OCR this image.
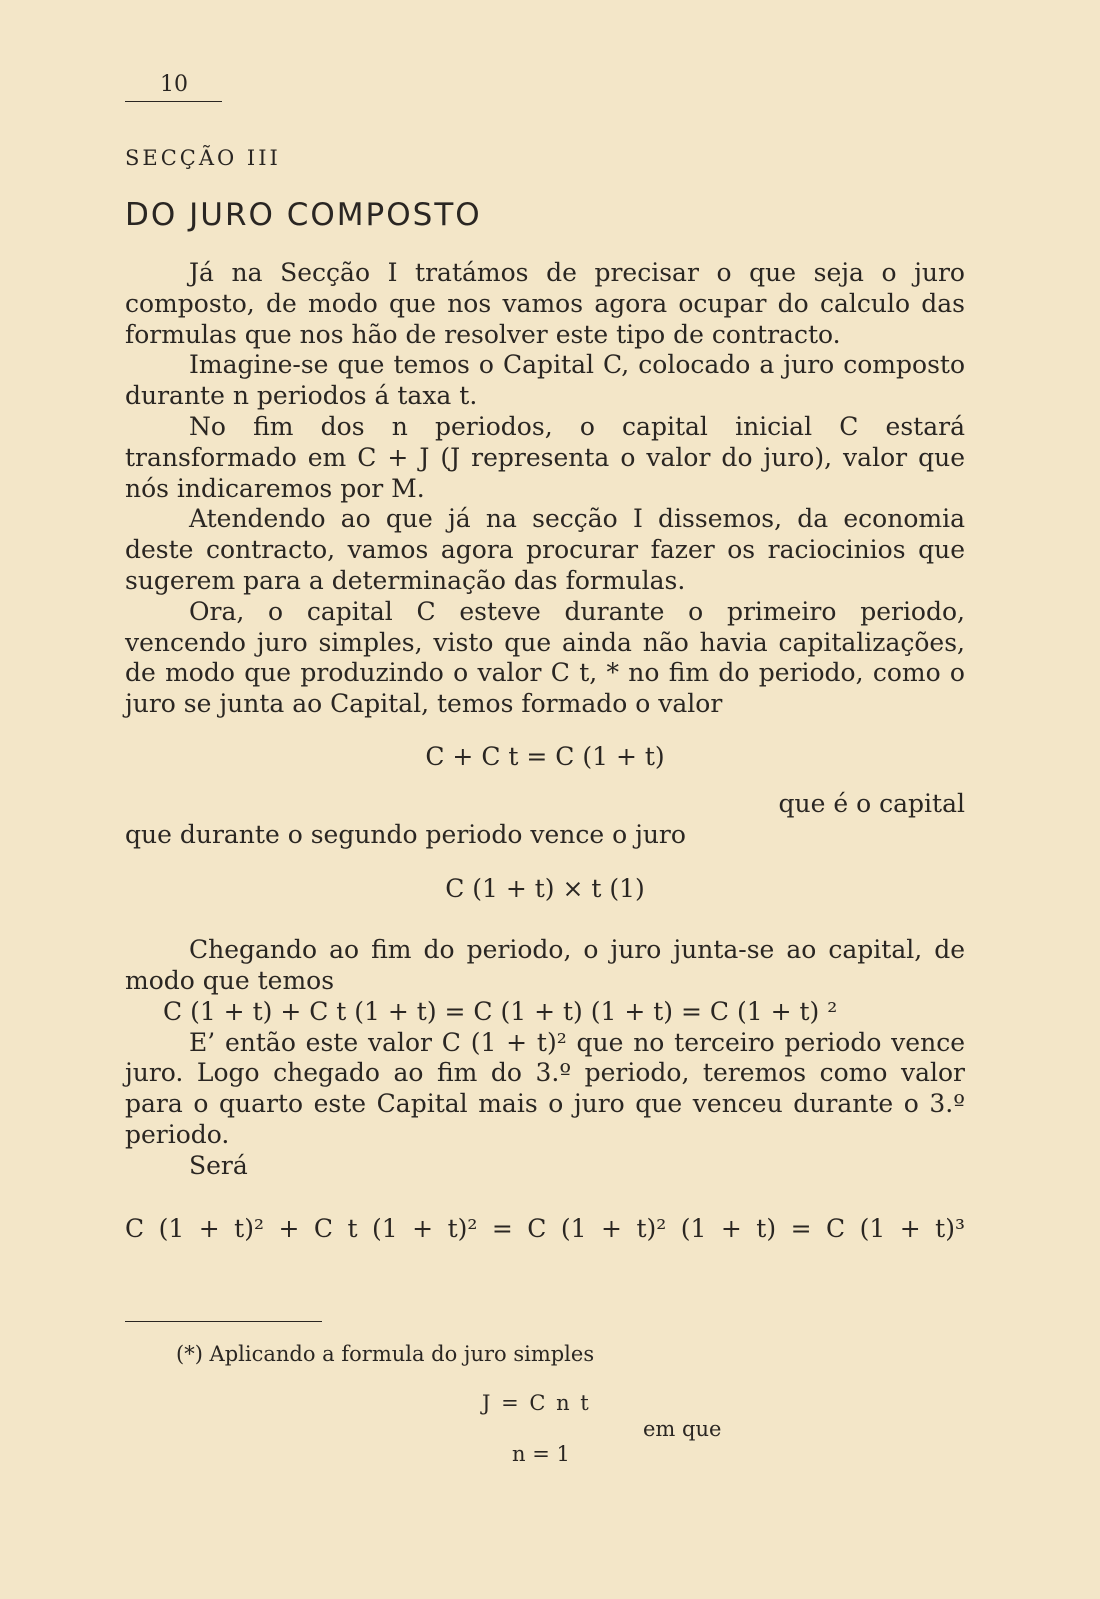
10
SECÇÃO III
DO JURO COMPOSTO

Já na Secção I tratámos de precisar o que seja o juro composto, de modo que nos vamos agora ocupar do calculo das formulas que nos hão de resolver este tipo de contracto.

Imagine-se que temos o Capital C, colocado a juro composto durante n periodos á taxa t.

No fim dos n periodos, o capital inicial C estará transformado em C + J (J representa o valor do juro), valor que nós indicaremos por M.

Atendendo ao que já na secção I dissemos, da economia deste contracto, vamos agora procurar fazer os raciocinios que sugerem para a determinação das formulas.

Ora, o capital C esteve durante o primeiro periodo, vencendo juro simples, visto que ainda não havia capitalizações, de modo que produzindo o valor C t, * no fim do periodo, como o juro se junta ao Capital, temos formado o valor

C + C t = C (1 + t)

que é o capital

que durante o segundo periodo vence o juro

C (1 + t) × t (1)

Chegando ao fim do periodo, o juro junta-se ao capital, de modo que temos

C (1 + t) + C t (1 + t) = C (1 + t) (1 + t) = C (1 + t) ²

E’ então este valor C (1 + t)² que no terceiro periodo vence juro. Logo chegado ao fim do 3.º periodo, teremos como valor para o quarto este Capital mais o juro que venceu durante o 3.º periodo.

Será

C (1 + t)² + C t (1 + t)² = C (1 + t)² (1 + t) = C (1 + t)³

(*) Aplicando a formula do juro simples
J = C n t
em que
n = 1
